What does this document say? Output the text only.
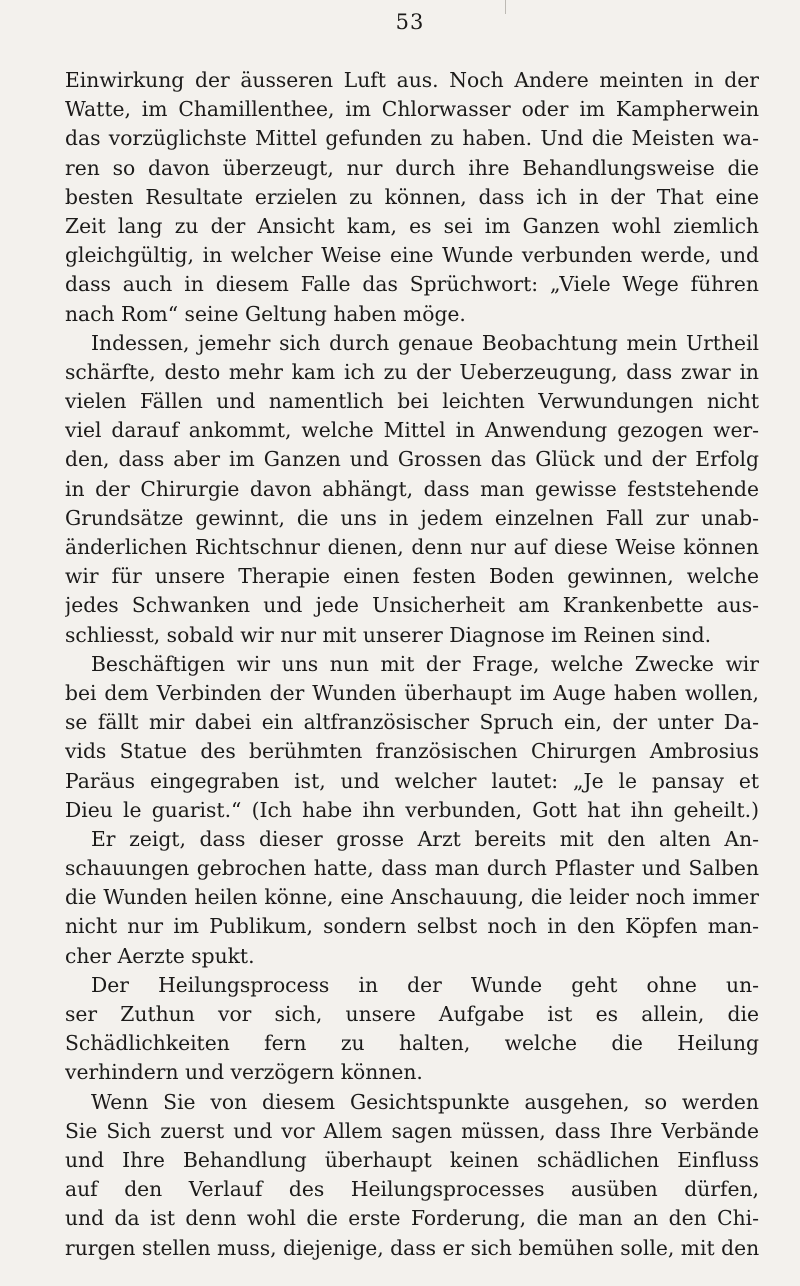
53
Einwirkung der äusseren Luft aus. Noch Andere meinten in der
Watte, im Chamillenthee, im Chlorwasser oder im Kampherwein
das vorzüglichste Mittel gefunden zu haben. Und die Meisten wa-
ren so davon überzeugt, nur durch ihre Behandlungsweise die
besten Resultate erzielen zu können, dass ich in der That eine
Zeit lang zu der Ansicht kam, es sei im Ganzen wohl ziemlich
gleichgültig, in welcher Weise eine Wunde verbunden werde, und
dass auch in diesem Falle das Sprüchwort: „Viele Wege führen
nach Rom“ seine Geltung haben möge.
Indessen, jemehr sich durch genaue Beobachtung mein Urtheil
schärfte, desto mehr kam ich zu der Ueberzeugung, dass zwar in
vielen Fällen und namentlich bei leichten Verwundungen nicht
viel darauf ankommt, welche Mittel in Anwendung gezogen wer-
den, dass aber im Ganzen und Grossen das Glück und der Erfolg
in der Chirurgie davon abhängt, dass man gewisse feststehende
Grundsätze gewinnt, die uns in jedem einzelnen Fall zur unab-
änderlichen Richtschnur dienen, denn nur auf diese Weise können
wir für unsere Therapie einen festen Boden gewinnen, welche
jedes Schwanken und jede Unsicherheit am Krankenbette aus-
schliesst, sobald wir nur mit unserer Diagnose im Reinen sind.
Beschäftigen wir uns nun mit der Frage, welche Zwecke wir
bei dem Verbinden der Wunden überhaupt im Auge haben wollen,
se fällt mir dabei ein altfranzösischer Spruch ein, der unter Da-
vids Statue des berühmten französischen Chirurgen Ambrosius
Paräus eingegraben ist, und welcher lautet: „Je le pansay et
Dieu le guarist.“ (Ich habe ihn verbunden, Gott hat ihn geheilt.)
Er zeigt, dass dieser grosse Arzt bereits mit den alten An-
schauungen gebrochen hatte, dass man durch Pflaster und Salben
die Wunden heilen könne, eine Anschauung, die leider noch immer
nicht nur im Publikum, sondern selbst noch in den Köpfen man-
cher Aerzte spukt.
Der Heilungsprocess in der Wunde geht ohne un-
ser Zuthun vor sich, unsere Aufgabe ist es allein, die
Schädlichkeiten fern zu halten, welche die Heilung
verhindern und verzögern können.
Wenn Sie von diesem Gesichtspunkte ausgehen, so werden
Sie Sich zuerst und vor Allem sagen müssen, dass Ihre Verbände
und Ihre Behandlung überhaupt keinen schädlichen Einfluss
auf den Verlauf des Heilungsprocesses ausüben dürfen,
und da ist denn wohl die erste Forderung, die man an den Chi-
rurgen stellen muss, diejenige, dass er sich bemühen solle, mit den
